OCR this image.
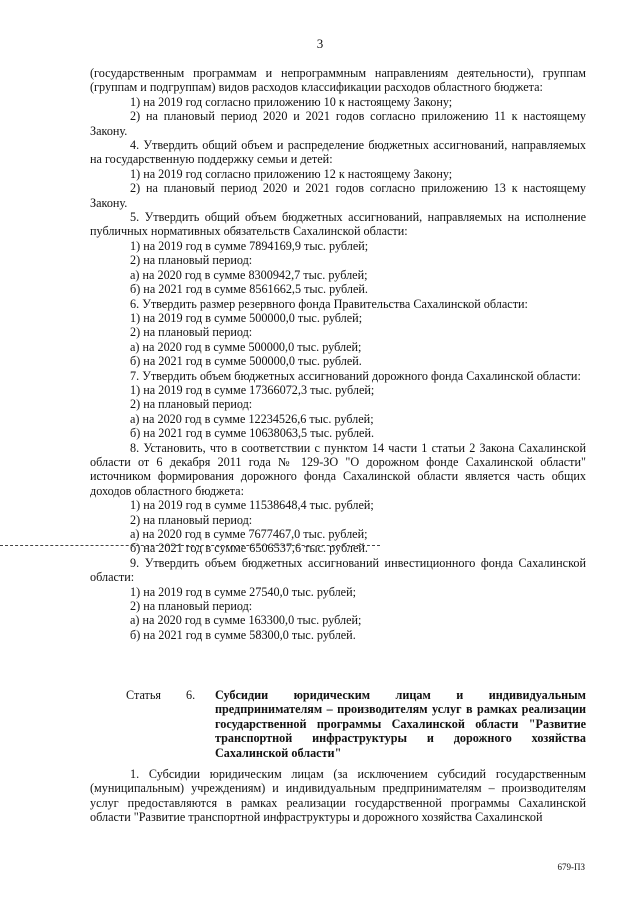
3

(государственным программам и непрограммным направлениям деятельности), группам (группам и подгруппам) видов расходов классификации расходов областного бюджета:

1) на 2019 год согласно приложению 10 к настоящему Закону;

2) на плановый период 2020 и 2021 годов согласно приложению 11 к настоящему Закону.

4. Утвердить общий объем и распределение бюджетных ассигнований, направляемых на государственную поддержку семьи и детей:

1) на 2019 год согласно приложению 12 к настоящему Закону;

2) на плановый период 2020 и 2021 годов согласно приложению 13 к настоящему Закону.

5. Утвердить общий объем бюджетных ассигнований, направляемых на исполнение публичных нормативных обязательств Сахалинской области:

1) на 2019 год в сумме 7894169,9 тыс. рублей;

2) на плановый период:

а) на 2020 год в сумме 8300942,7 тыс. рублей;

б) на 2021 год в сумме 8561662,5 тыс. рублей.

6. Утвердить размер резервного фонда Правительства Сахалинской области:

1) на 2019 год в сумме 500000,0 тыс. рублей;

2) на плановый период:

а) на 2020 год в сумме 500000,0 тыс. рублей;

б) на 2021 год в сумме 500000,0 тыс. рублей.

7. Утвердить объем бюджетных ассигнований дорожного фонда Сахалинской области:

1) на 2019 год в сумме 17366072,3 тыс. рублей;

2) на плановый период:

а) на 2020 год в сумме 12234526,6 тыс. рублей;

б) на 2021 год в сумме 10638063,5 тыс. рублей.

8. Установить, что в соответствии с пунктом 14 части 1 статьи 2 Закона Сахалинской области от 6 декабря 2011 года № 129-ЗО "О дорожном фонде Сахалинской области" источником формирования дорожного фонда Сахалинской области является часть общих доходов областного бюджета:

1) на 2019 год в сумме 11538648,4 тыс. рублей;

2) на плановый период:

а) на 2020 год в сумме 7677467,0 тыс. рублей;

б) на 2021 год в сумме 6506537,6 тыс. рублей.

9. Утвердить объем бюджетных ассигнований инвестиционного фонда Сахалинской области:

1) на 2019 год в сумме 27540,0 тыс. рублей;

2) на плановый период:

а) на 2020 год в сумме 163300,0 тыс. рублей;

б) на 2021 год в сумме 58300,0 тыс. рублей.

Статья 6. Субсидии юридическим лицам и индивидуальным предпринимателям – производителям услуг в рамках реализации государственной программы Сахалинской области "Развитие транспортной инфраструктуры и дорожного хозяйства Сахалинской области"

1. Субсидии юридическим лицам (за исключением субсидий государственным (муниципальным) учреждениям) и индивидуальным предпринимателям – производителям услуг предоставляются в рамках реализации государственной программы Сахалинской области "Развитие транспортной инфраструктуры и дорожного хозяйства Сахалинской

679-ПЗ
